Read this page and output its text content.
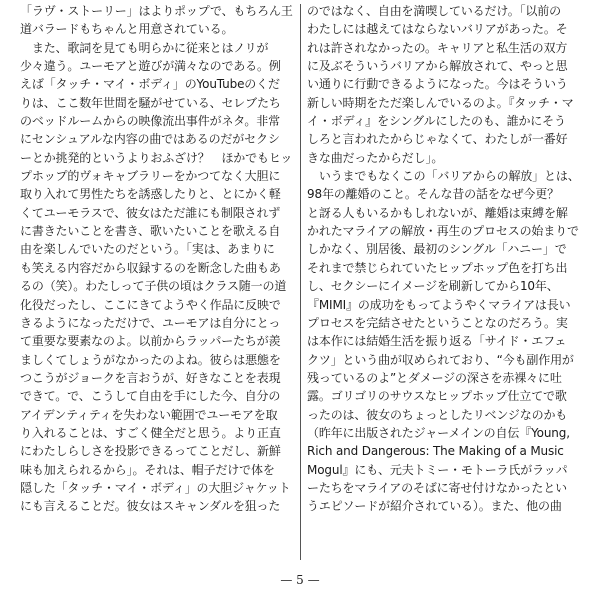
「ラヴ・ストーリー」はよりポップで、もちろん王
道バラードもちゃんと用意されている。
　また、歌詞を見ても明らかに従来とはノリが
少々違う。ユーモアと遊びが満々なのである。例
えば「タッチ・マイ・ボディ」のYouTubeのくだ
りは、ここ数年世間を騒がせている、セレブたち
のベッドルームからの映像流出事件がネタ。非常
にセンシュアルな内容の曲ではあるのだがセクシ
ーとか挑発的というよりおふざけ？　ほかでもヒッ
プホップ的ヴォキャブラリーをかつてなく大胆に
取り入れて男性たちを誘惑したりと、とにかく軽
くてユーモラスで、彼女はただ誰にも制限されず
に書きたいことを書き、歌いたいことを歌える自
由を楽しんでいたのだという。「実は、あまりに
も笑える内容だから収録するのを断念した曲もあ
るの（笑）。わたしって子供の頃はクラス随一の道
化役だったし、ここにきてようやく作品に反映で
きるようになっただけで、ユーモアは自分にとっ
て重要な要素なのよ。以前からラッパーたちが羨
ましくてしょうがなかったのよね。彼らは悪態を
つこうがジョークを言おうが、好きなことを表現
できて。で、こうして自由を手にした今、自分の
アイデンティティを失わない範囲でユーモアを取
り入れることは、すごく健全だと思う。より正直
にわたしらしさを投影できるってことだし、新鮮
味も加えられるから」。それは、帽子だけで体を
隠した「タッチ・マイ・ボディ」の大胆ジャケット
にも言えることだ。彼女はスキャンダルを狙った
のではなく、自由を満喫しているだけ。「以前の
わたしには越えてはならないバリアがあった。そ
れは許されなかったの。キャリアと私生活の双方
に及ぶそういうバリアから解放されて、やっと思
い通りに行動できるようになった。今はそういう
新しい時期をただ楽しんでいるのよ。『タッチ・マ
イ・ボディ』をシングルにしたのも、誰かにそう
しろと言われたからじゃなくて、わたしが一番好
きな曲だったからだし」。
　いうまでもなくこの「バリアからの解放」とは、
98年の離婚のこと。そんな昔の話をなぜ今更？
と訝る人もいるかもしれないが、離婚は束縛を解
かれたマライアの解放・再生のプロセスの始まりで
しかなく、別居後、最初のシングル「ハニー」で
それまで禁じられていたヒップホップ色を打ち出
し、セクシーにイメージを刷新してから10年、
『MIMI』の成功をもってようやくマライアは長い
プロセスを完結させたということなのだろう。実
は本作には結婚生活を振り返る「サイド・エフェ
クツ」という曲が収められており、“今も副作用が
残っているのよ”とダメージの深さを赤裸々に吐
露。ゴリゴリのサウスなヒップホップ仕立てで歌
ったのは、彼女のちょっとしたリベンジなのかも
（昨年に出版されたジャーメインの自伝『Young,
Rich and Dangerous: The Making of a Music
Mogul』にも、元夫トミー・モトーラ氏がラッパ
ーたちをマライアのそばに寄せ付けなかったとい
うエピソードが紹介されている）。また、他の曲
— 5 —
